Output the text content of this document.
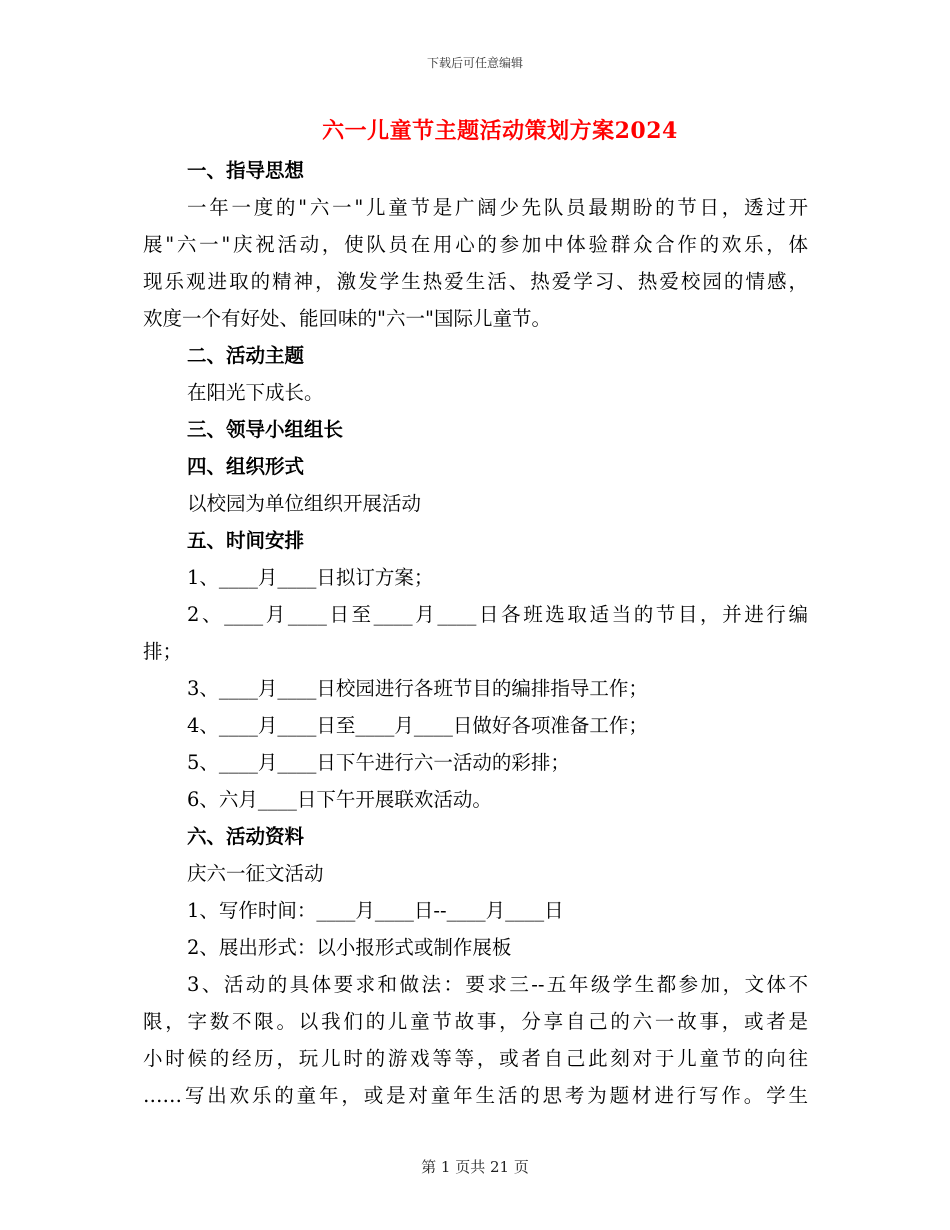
下载后可任意编辑
六一儿童节主题活动策划方案2024
一、指导思想
一年一度的"六一"儿童节是广阔少先队员最期盼的节日，透过开
展"六一"庆祝活动，使队员在用心的参加中体验群众合作的欢乐，体
现乐观进取的精神，激发学生热爱生活、热爱学习、热爱校园的情感，
欢度一个有好处、能回味的"六一"国际儿童节。
二、活动主题
在阳光下成长。
三、领导小组组长
四、组织形式
以校园为单位组织开展活动
五、时间安排
1、____月____日拟订方案；
2、____月____日至____月____日各班选取适当的节目，并进行编
排；
3、____月____日校园进行各班节目的编排指导工作；
4、____月____日至____月____日做好各项准备工作；
5、____月____日下午进行六一活动的彩排；
6、六月____日下午开展联欢活动。
六、活动资料
庆六一征文活动
1、写作时间：____月____日--____月____日
2、展出形式：以小报形式或制作展板
3、活动的具体要求和做法：要求三--五年级学生都参加，文体不
限，字数不限。以我们的儿童节故事，分享自己的六一故事，或者是
小时候的经历，玩儿时的游戏等等，或者自己此刻对于儿童节的向往
……写出欢乐的童年，或是对童年生活的思考为题材进行写作。学生
第 1 页共 21 页
